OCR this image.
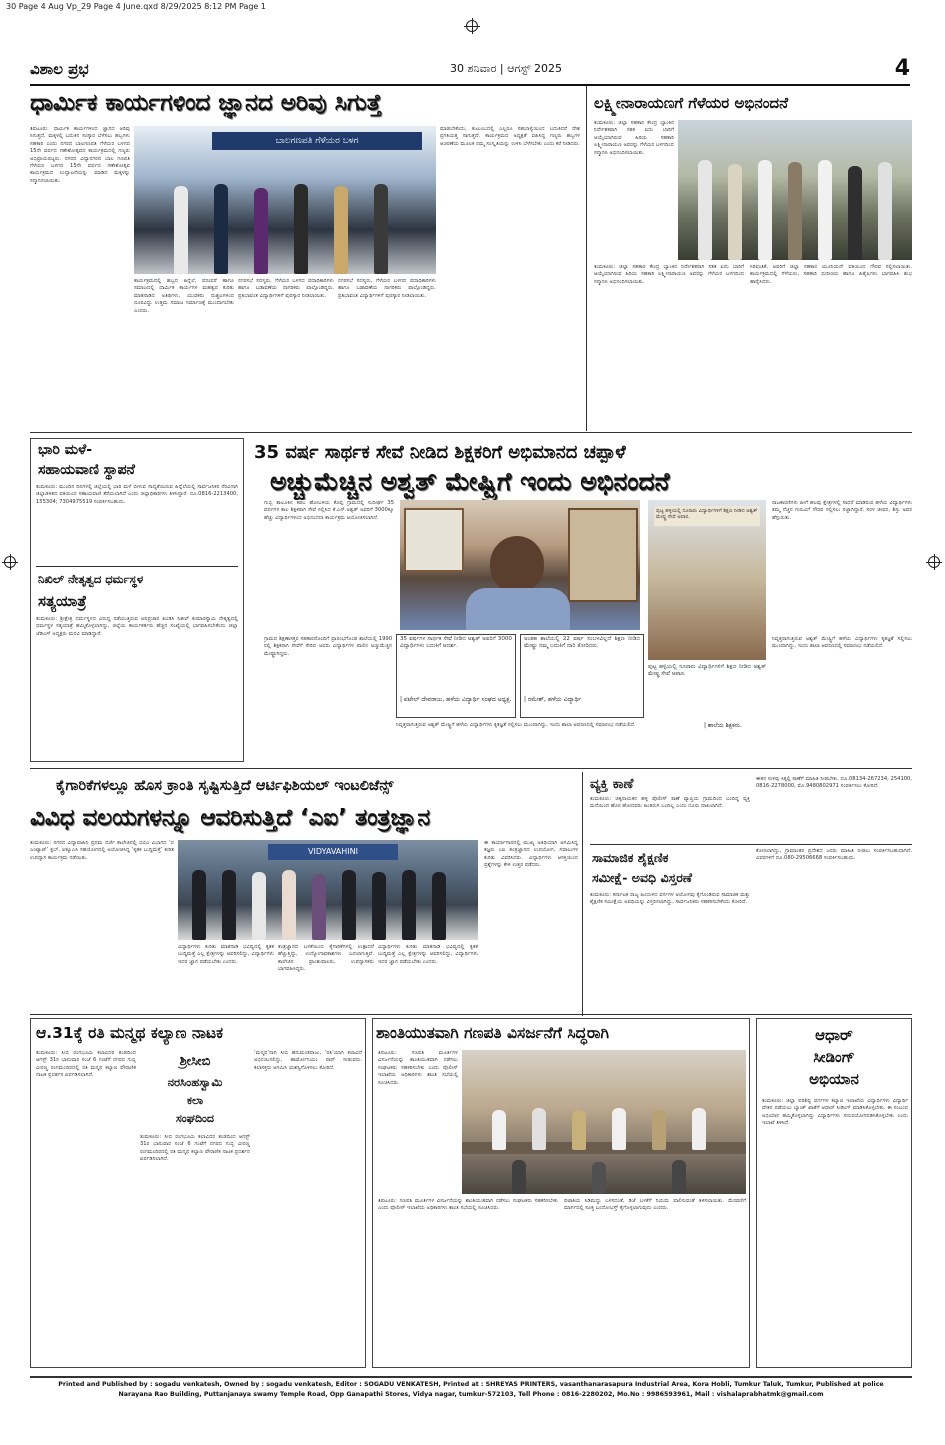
30 Page 4 Aug Vp_29 Page 4 June.qxd 8/29/2025 8:12 PM Page 1
ವಿಶಾಲ ಪ್ರಭ	30 ಶನಿವಾರ | ಆಗಸ್ಟ್ 2025	4
ಧಾರ್ಮಿಕ ಕಾರ್ಯಗಳಿಂದ ಜ್ಞಾನದ ಅರಿವು ಸಿಗುತ್ತೆ
ತಿಪಟೂರು: ಧಾರ್ಮಿಕ ಕಾರ್ಯಗಳಿಂದ ಜ್ಞಾನದ ಅರಿವು ಸಿಗುತ್ತದೆ, ಮಕ್ಕಳಲ್ಲಿ ಬದುಕಿನ ಸಂಸ್ಕಾರ ಬೆಳೆಸಲು ಹಬ್ಬಗಳು ಸಹಕಾರಿ ಎಂದು ನಗರದ ಬಾಲಗಣಪತಿ ಗೆಳೆಯರ ಬಳಗದ 15ನೇ ವರ್ಷದ ಗಣೇಶೋತ್ಸವದ ಕಾರ್ಯಕ್ರಮದಲ್ಲಿ ಗಣ್ಯರು ಅಭಿಪ್ರಾಯಪಟ್ಟರು. ನಗರದ ವಿದ್ಯಾನಗರದ ಬಾಲ ಗಣಪತಿ ಗೆಳೆಯರ ಬಳಗದ 15ನೇ ವರ್ಷದ ಗಣೇಶೋತ್ಸವ ಕಾರ್ಯಕ್ರಮದ ಉದ್ಘಾಟನೆಯನ್ನು ಮಾಡಿದ ಮಕ್ಕಳನ್ನು ಸನ್ಮಾನಿಸಲಾಯಿತು.
ಬಾಲಗಣಪತಿ ಗೆಳೆಯರ ಬಳಗ
ಕಾರ್ಯಕ್ರಮದಲ್ಲಿ ಹಬ್ಬದ ಹಿನ್ನೆಲೆ, ಪರಂಪರೆ ಹಾಗೂ ಸಮಾಜದಲ್ಲಿ ಧಾರ್ಮಿಕ ಕಾರ್ಯಗಳ ಮಹತ್ವದ ಕುರಿತು ಮಾತನಾಡಿದ ಅತಿಥಿಗಳು, ಯುವಕರು ದುಶ್ಚಟಗಳಿಂದ ದೂರವಿದ್ದು ಉತ್ತಮ ಸಮಾಜ ನಿರ್ಮಾಣಕ್ಕೆ ಮುಂದಾಗಬೇಕು ಎಂದರು.
ನಗರಸಭೆ ಸದಸ್ಯರು, ಗೆಳೆಯರ ಬಳಗದ ಪದಾಧಿಕಾರಿಗಳು ಹಾಗೂ ಬಡಾವಣೆಯ ನಾಗರಿಕರು ಪಾಲ್ಗೊಂಡಿದ್ದರು. ಪ್ರತಿಭಾವಂತ ವಿದ್ಯಾರ್ಥಿಗಳಿಗೆ ಪುರಸ್ಕಾರ ನೀಡಲಾಯಿತು.
ನಗರಸಭೆ ಸದಸ್ಯರು, ಗೆಳೆಯರ ಬಳಗದ ಪದಾಧಿಕಾರಿಗಳು ಹಾಗೂ ಬಡಾವಣೆಯ ನಾಗರಿಕರು ಪಾಲ್ಗೊಂಡಿದ್ದರು. ಪ್ರತಿಭಾವಂತ ವಿದ್ಯಾರ್ಥಿಗಳಿಗೆ ಪುರಸ್ಕಾರ ನೀಡಲಾಯಿತು.
ಮಾಡಬೇಕೆಂದು, ಕುಟುಂಬದಲ್ಲಿ ಎಲ್ಲರೂ ಸಹಬಾಳ್ವೆಯಿಂದ ಬದುಕಿದರೆ ದೇಶ ಪ್ರಗತಿಯತ್ತ ಸಾಗುತ್ತದೆ. ಕಾರ್ಯಕ್ರಮದ ಅಧ್ಯಕ್ಷತೆ ವಹಿಸಿದ್ದ ಗಣ್ಯರು ಹಬ್ಬಗಳ ಆಚರಣೆಯ ಮೂಲಕ ನಮ್ಮ ಸಂಸ್ಕೃತಿಯನ್ನು ಉಳಿಸಿ ಬೆಳೆಸಬೇಕು ಎಂದು ಕರೆ ನೀಡಿದರು.
ಲಕ್ಷ್ಮೀನಾರಾಯಣಗೆ ಗೆಳೆಯರ ಅಭಿನಂದನೆ
ತುಮಕೂರು: ಜಿಲ್ಲಾ ಸಹಕಾರ ಕೇಂದ್ರ ಬ್ಯಾಂಕಿನ ನಿರ್ದೇಶಕರಾಗಿ ಸತತ ಐದು ಬಾರಿಗೆ ಆಯ್ಕೆಯಾಗಿರುವ ಹಿರಿಯ ಸಹಕಾರಿ ಲಕ್ಷ್ಮೀನಾರಾಯಣ ಅವರನ್ನು ಗೆಳೆಯರ ಬಳಗದಿಂದ ಸನ್ಮಾನಿಸಿ ಅಭಿನಂದಿಸಲಾಯಿತು.
ತುಮಕೂರು: ಜಿಲ್ಲಾ ಸಹಕಾರ ಕೇಂದ್ರ ಬ್ಯಾಂಕಿನ ನಿರ್ದೇಶಕರಾಗಿ ಸತತ ಐದು ಬಾರಿಗೆ ಆಯ್ಕೆಯಾಗಿರುವ ಹಿರಿಯ ಸಹಕಾರಿ ಲಕ್ಷ್ಮೀನಾರಾಯಣ ಅವರನ್ನು ಗೆಳೆಯರ ಬಳಗದಿಂದ ಸನ್ಮಾನಿಸಿ ಅಭಿನಂದಿಸಲಾಯಿತು.
ಸಿರಿವಂತಿಕೆ, ಅವರಿಗೆ ಜಿಲ್ಲಾ ಸಹಕಾರ ಯೂನಿಯನ್ ವತಿಯಿಂದ ಗೌರವ ಸಲ್ಲಿಸಲಾಯಿತು. ಕಾರ್ಯಕ್ರಮದಲ್ಲಿ ಗೆಳೆಯರು, ಸಹಕಾರಿ ಧುರೀಣರು ಹಾಗೂ ಹಿತೈಷಿಗಳು ಭಾಗವಹಿಸಿ ಶುಭ ಹಾರೈಸಿದರು.
ಭಾರಿ ಮಳೆ-
ಸಹಾಯವಾಣಿ ಸ್ಥಾಪನೆ
ತುಮಕೂರು: ಮುಂದಿನ ದಿನಗಳಲ್ಲಿ ಜಿಲ್ಲೆಯಲ್ಲಿ ಭಾರಿ ಮಳೆ ಬೀಳುವ ಸಾಧ್ಯತೆಯಿರುವ ಹಿನ್ನೆಲೆಯಲ್ಲಿ ಸಾರ್ವಜನಿಕರ ನೆರವಿಗಾಗಿ ಜಿಲ್ಲಾಡಳಿತದ ವತಿಯಿಂದ ಸಹಾಯವಾಣಿ ತೆರೆಯಲಾಗಿದೆ ಎಂದು ಜಿಲ್ಲಾಧಿಕಾರಿಗಳು ತಿಳಿಸಿದ್ದಾರೆ. ದೂ.0816-2213400, 155304; 7304975519 ಸಂಪರ್ಕಿಸಬಹುದು.
ನಿಖಿಲ್ ನೇತೃತ್ವದ ಧರ್ಮಸ್ಥಳ
ಸತ್ಯಯಾತ್ರೆ
ತುಮಕೂರು: ಶ್ರೀಕ್ಷೇತ್ರ ಧರ್ಮಸ್ಥಳದ ವಿರುದ್ಧ ನಡೆಯುತ್ತಿರುವ ಅಪಪ್ರಚಾರ ಖಂಡಿಸಿ ನಿಖಿಲ್ ಕುಮಾರಸ್ವಾಮಿ ನೇತೃತ್ವದಲ್ಲಿ ಧರ್ಮಸ್ಥಳ ಸತ್ಯಯಾತ್ರೆ ಹಮ್ಮಿಕೊಳ್ಳಲಾಗಿದ್ದು, ಜಿಲ್ಲೆಯ ಕಾರ್ಯಕರ್ತರು ಹೆಚ್ಚಿನ ಸಂಖ್ಯೆಯಲ್ಲಿ ಭಾಗವಹಿಸಬೇಕೆಂದು ಜಿಲ್ಲಾ ಜೆಡಿಎಸ್ ಅಧ್ಯಕ್ಷರು ಮನವಿ ಮಾಡಿದ್ದಾರೆ.
35 ವರ್ಷ ಸಾರ್ಥಕ ಸೇವೆ ನೀಡಿದ ಶಿಕ್ಷಕರಿಗೆ ಅಭಿಮಾನದ ಚಪ್ಪಾಳೆ
ಅಚ್ಚುಮೆಚ್ಚಿನ ಅಶ್ವತ್ ಮೇಷ್ಟ್ರಿಗೆ ಇಂದು ಅಭಿನಂದನೆ
ಗುಬ್ಬಿ ತಾಲೂಕಿನ ಕಡಬ ಹೋಬಳಿಯ ಕೊಪ್ಪ ಗ್ರಾಮದಲ್ಲಿ ಸುದೀರ್ಘ 35 ವರ್ಷಗಳ ಕಾಲ ಶಿಕ್ಷಕರಾಗಿ ಸೇವೆ ಸಲ್ಲಿಸಿದ ಕೆ.ಎನ್.ಅಶ್ವತ್ ಅವರಿಗೆ 3000ಕ್ಕೂ ಹೆಚ್ಚು ವಿದ್ಯಾರ್ಥಿಗಳಿಂದ ಅಭಿನಂದನಾ ಕಾರ್ಯಕ್ರಮ ಆಯೋಜಿಸಲಾಗಿದೆ.
ಪುಟ್ಟ ಹಳ್ಳಿಯಲ್ಲಿ ನೂರಾರು ವಿದ್ಯಾರ್ಥಿಗಳಿಗೆ ಶಿಕ್ಷಣ ನೀಡಿದ ಅಶ್ವತ್ ಮೇಷ್ಟ್ರ ಸೇವೆ ಅಪಾರ.
ರಾಜಕಾರಣಿಗಳು ಹೀಗೆ ಹಲವು ಕ್ಷೇತ್ರಗಳಲ್ಲಿ ಸಾಧನೆ ಮಾಡಿರುವ ಹಳೆಯ ವಿದ್ಯಾರ್ಥಿಗಳು ತಮ್ಮ ನೆಚ್ಚಿನ ಗುರುವಿಗೆ ಗೌರವ ಸಲ್ಲಿಸಲು ಸಜ್ಜಾಗಿದ್ದಾರೆ. ಸರಳ ಜೀವನ, ಶಿಸ್ತು ಅವರ ಹೆಗ್ಗುರುತು.
ಪುಟ್ಟ ಹಳ್ಳಿಯಲ್ಲಿ ನೂರಾರು ವಿದ್ಯಾರ್ಥಿಗಳಿಗೆ ಶಿಕ್ಷಣ ನೀಡಿದ ಅಶ್ವತ್ ಮೇಷ್ಟ್ರ ಸೇವೆ ಅಪಾರ.
| ಶಾಲೆಯ ಶಿಕ್ಷಕರು.
35 ವರ್ಷಗಳ ಸಾರ್ಥಕ ಸೇವೆ ನೀಡಿದ ಅಶ್ವತ್ ಅವರಿಗೆ 3000 ವಿದ್ಯಾರ್ಥಿಗಳು ಬದುಕಿಗೆ ಆದರ್ಶ.
| ಪಟೇಲ್ ದೇವರಾಜು, ಹಳೆಯ ವಿದ್ಯಾರ್ಥಿ ಸಂಘದ ಅಧ್ಯಕ್ಷ.
ಅಂತಹ ಶಾಲೆಯಲ್ಲಿ 22 ವರ್ಷ ಸಂಬಳವಿಲ್ಲದೆ ಶಿಕ್ಷಣ ನೀಡಿದ ಮೇಷ್ಟ್ರು ನಮ್ಮ ಬದುಕಿಗೆ ದಾರಿ ತೋರಿದರು.
| ರಮೇಶ್, ಹಳೆಯ ವಿದ್ಯಾರ್ಥಿ
ಗ್ರಾಮದ ಶಿಕ್ಷಣಾಸಕ್ತರ ಸಹಕಾರದೊಂದಿಗೆ ಪ್ರಾರಂಭಗೊಂಡ ಶಾಲೆಯಲ್ಲಿ 1990 ರಲ್ಲಿ ಶಿಕ್ಷಕರಾಗಿ ಸೇವೆಗೆ ಸೇರಿದ ಅವರು ವಿದ್ಯಾರ್ಥಿಗಳ ಪಾಲಿನ ಅಚ್ಚುಮೆಚ್ಚಿನ ಮೇಷ್ಟ್ರಾಗಿದ್ದರು.
ನಿವೃತ್ತರಾಗುತ್ತಿರುವ ಅಶ್ವತ್ ಮೇಷ್ಟ್ರಿಗೆ ಹಳೆಯ ವಿದ್ಯಾರ್ಥಿಗಳು ಕೃತಜ್ಞತೆ ಸಲ್ಲಿಸಲು ಮುಂದಾಗಿದ್ದು, ಇಂದು ಶಾಲಾ ಆವರಣದಲ್ಲಿ ಸಮಾರಂಭ ನಡೆಯಲಿದೆ.
ನಿವೃತ್ತರಾಗುತ್ತಿರುವ ಅಶ್ವತ್ ಮೇಷ್ಟ್ರಿಗೆ ಹಳೆಯ ವಿದ್ಯಾರ್ಥಿಗಳು ಕೃತಜ್ಞತೆ ಸಲ್ಲಿಸಲು ಮುಂದಾಗಿದ್ದು, ಇಂದು ಶಾಲಾ ಆವರಣದಲ್ಲಿ ಸಮಾರಂಭ ನಡೆಯಲಿದೆ.
ಕೈಗಾರಿಕೆಗಳಲ್ಲೂ ಹೊಸ ಕ್ರಾಂತಿ ಸೃಷ್ಟಿಸುತ್ತಿದೆ ಆರ್ಟಿಫಿಶಿಯಲ್ ಇಂಟಲಿಜೆನ್ಸ್
ವಿವಿಧ ವಲಯಗಳನ್ನೂ ಆವರಿಸುತ್ತಿದೆ ‘ಎಐ’ ತಂತ್ರಜ್ಞಾನ
ತುಮಕೂರು: ನಗರದ ವಿದ್ಯಾವಾಹಿನಿ ಪ್ರಥಮ ದರ್ಜೆ ಕಾಲೇಜಿನಲ್ಲಿ ಬಿಬಿಎ ವಿಭಾಗದ ‘ದ ಎಂಟ್ಯಾಟ್’ ಕ್ಲಬ್, ಐಕ್ಯೂಎಸಿ ಸಹಯೋಗದಲ್ಲಿ ಆಯೋಜಿಸಿದ್ದ ‘ಕೃತಕ ಬುದ್ಧಿಮತ್ತೆ’ ಕುರಿತ ಉಪನ್ಯಾಸ ಕಾರ್ಯಕ್ರಮ ನಡೆಯಿತು.
VIDYAVAHINI
ವಿದ್ಯಾರ್ಥಿಗಳು ಕುರಿತು ಮಾತನಾಡಿ ಭವಿಷ್ಯದಲ್ಲಿ ಕೃತಕ ಬುದ್ಧಿಮತ್ತೆ ಎಲ್ಲ ಕ್ಷೇತ್ರಗಳನ್ನು ಆವರಿಸಲಿದ್ದು, ವಿದ್ಯಾರ್ಥಿಗಳು ಇದರ ಜ್ಞಾನ ಪಡೆಯಬೇಕು ಎಂದರು.
ತಂತ್ರಜ್ಞಾನದ ಬಳಕೆಯಿಂದ ಕೈಗಾರಿಕೆಗಳಲ್ಲಿ ಉತ್ಪಾದನೆ ಹೆಚ್ಚುತ್ತಿದ್ದು, ಉದ್ಯೋಗಾವಕಾಶಗಳು ಬದಲಾಗುತ್ತಿವೆ. ಕಾಲೇಜಿನ ಪ್ರಾಂಶುಪಾಲರು, ಉಪನ್ಯಾಸಕರು ಭಾಗವಹಿಸಿದ್ದರು.
ವಿದ್ಯಾರ್ಥಿಗಳು ಕುರಿತು ಮಾತನಾಡಿ ಭವಿಷ್ಯದಲ್ಲಿ ಕೃತಕ ಬುದ್ಧಿಮತ್ತೆ ಎಲ್ಲ ಕ್ಷೇತ್ರಗಳನ್ನು ಆವರಿಸಲಿದ್ದು, ವಿದ್ಯಾರ್ಥಿಗಳು ಇದರ ಜ್ಞಾನ ಪಡೆಯಬೇಕು ಎಂದರು.
ಈ ಕಾರ್ಯಾಗಾರದಲ್ಲಿ ಮುಖ್ಯ ಅತಿಥಿಯಾಗಿ ಆಗಮಿಸಿದ್ದ ತಜ್ಞರು ಎಐ ತಂತ್ರಜ್ಞಾನದ ಉಪಯೋಗ, ಸವಾಲುಗಳ ಕುರಿತು ವಿವರಿಸಿದರು. ವಿದ್ಯಾರ್ಥಿಗಳು ಆಸಕ್ತಿಯಿಂದ ಪ್ರಶ್ನೆಗಳನ್ನು ಕೇಳಿ ಉತ್ತರ ಪಡೆದರು.
ವ್ಯಕ್ತಿ ಕಾಣೆ
ತುಮಕೂರು: ಚಿಕ್ಕನಾಯಕನ ಹಳ್ಳಿ ಪೊಲೀಸ್ ಠಾಣೆ ವ್ಯಾಪ್ತಿಯ ಗ್ರಾಮದಿಂದ ಬಂದಿದ್ದ ವ್ಯಕ್ತಿ ಮನೆಯಿಂದ ಹೊರ ಹೋದವರು ಹಿಂತಿರುಗಿ ಬಂದಿಲ್ಲ ಎಂದು ದೂರು ದಾಖಲಾಗಿದೆ.
ಈತನ ಸುಳಿವು ಸಿಕ್ಕಲ್ಲಿ ಠಾಣೆಗೆ ಮಾಹಿತಿ ನೀಡಬೇಕು. ದೂ.08134-267234, 254100, 0816-2278000, ಮೊ.9480802971 ಸಂಪರ್ಕಿಸಲು ಕೋರಿದೆ.
ಸಾಮಾಜಿಕ ಶೈಕ್ಷಣಿಕ
ಸಮೀಕ್ಷೆ- ಅವಧಿ ವಿಸ್ತರಣೆ
ತುಮಕೂರು: ಕರ್ನಾಟಕ ರಾಜ್ಯ ಹಿಂದುಳಿದ ವರ್ಗಗಳ ಆಯೋಗವು ಕೈಗೊಂಡಿರುವ ಸಾಮಾಜಿಕ ಮತ್ತು ಶೈಕ್ಷಣಿಕ ಸಮೀಕ್ಷೆಯ ಅವಧಿಯನ್ನು ವಿಸ್ತರಿಸಲಾಗಿದ್ದು, ಸಾರ್ವಜನಿಕರು ಸಹಕರಿಸಬೇಕೆಂದು ಕೋರಿದೆ.
ಕೋರಲಾಗಿದ್ದು, ಗ್ರಾಮಾಂತರ ಪ್ರದೇಶದ ಜನರು ಮಾಹಿತಿ ನೀಡಲು ಸಂಪರ್ಕಿಸಬಹುದಾಗಿದೆ. ವಿವರಗಳಿಗೆ ದೂ.080-29506668 ಸಂಪರ್ಕಿಸಬಹುದು.
ಆ.31ಕ್ಕೆ ರತಿ ಮನ್ಮಥ ಕಲ್ಯಾಣ ನಾಟಕ
ತುಮಕೂರು: ಸೀಬಿ ರಂಗಭೂಮಿ ಕಲಾವಿದರ ತಂಡದಿಂದ ಆಗಸ್ಟ್ 31ರ ಭಾನುವಾರ ಸಂಜೆ 6 ಗಂಟೆಗೆ ನಗರದ ಗುಬ್ಬಿ ವೀರಣ್ಣ ರಂಗಮಂದಿರದಲ್ಲಿ ರತಿ ಮನ್ಮಥ ಕಲ್ಯಾಣ ಪೌರಾಣಿಕ ನಾಟಕ ಪ್ರದರ್ಶನ ಏರ್ಪಡಿಸಲಾಗಿದೆ.
ಶ್ರೀಸೀಬಿ
ನರಸಿಂಹಸ್ವಾಮಿ
ಕಲಾ
ಸಂಘದಿಂದ
ತುಮಕೂರು: ಸೀಬಿ ರಂಗಭೂಮಿ ಕಲಾವಿದರ ತಂಡದಿಂದ ಆಗಸ್ಟ್ 31ರ ಭಾನುವಾರ ಸಂಜೆ 6 ಗಂಟೆಗೆ ನಗರದ ಗುಬ್ಬಿ ವೀರಣ್ಣ ರಂಗಮಂದಿರದಲ್ಲಿ ರತಿ ಮನ್ಮಥ ಕಲ್ಯಾಣ ಪೌರಾಣಿಕ ನಾಟಕ ಪ್ರದರ್ಶನ ಏರ್ಪಡಿಸಲಾಗಿದೆ.
‘ಮನ್ಮಥ’ನಾಗಿ ಸೀಬಿ ಹನುಮಂತರಾಜು, ‘ರತಿ’ಯಾಗಿ ಕಲಾವಿದೆ ಅಭಿನಯಿಸಲಿದ್ದು, ಹಾರ್ಮೋನಿಯಂ ಸಾಥ್ ನೀಡುವರು. ಕಲಾಸಕ್ತರು ಆಗಮಿಸಿ ಯಶಸ್ವಿಗೊಳಿಸಲು ಕೋರಿದೆ.
ಶಾಂತಿಯುತವಾಗಿ ಗಣಪತಿ ವಿಸರ್ಜನೆಗೆ ಸಿದ್ಧರಾಗಿ
ತಿಪಟೂರು: ಗಣಪತಿ ಮೂರ್ತಿಗಳ ವಿಸರ್ಜನೆಯನ್ನು ಶಾಂತಿಯುತವಾಗಿ ನಡೆಸಲು ಸಂಘಟಕರು ಸಹಕರಿಸಬೇಕು ಎಂದು ಪೊಲೀಸ್ ಇಲಾಖೆಯ ಅಧಿಕಾರಿಗಳು ಶಾಂತಿ ಸಭೆಯಲ್ಲಿ ಸೂಚಿಸಿದರು.
ತಿಪಟೂರು: ಗಣಪತಿ ಮೂರ್ತಿಗಳ ವಿಸರ್ಜನೆಯನ್ನು ಶಾಂತಿಯುತವಾಗಿ ನಡೆಸಲು ಸಂಘಟಕರು ಸಹಕರಿಸಬೇಕು ಎಂದು ಪೊಲೀಸ್ ಇಲಾಖೆಯ ಅಧಿಕಾರಿಗಳು ಶಾಂತಿ ಸಭೆಯಲ್ಲಿ ಸೂಚಿಸಿದರು.
ಪಟಾಕಿಯ ಸಿಡಿಮದ್ದು ಬಳಸದಂತೆ, ಡಿಜೆ ಬಳಕೆಗೆ ನಿಯಮ ಪಾಲಿಸುವಂತೆ ತಿಳಿಸಲಾಯಿತು. ಮೆರವಣಿಗೆ ಮಾರ್ಗದಲ್ಲಿ ಸೂಕ್ತ ಬಂದೋಬಸ್ತ್ ಕೈಗೊಳ್ಳಲಾಗುವುದು ಎಂದರು.
ಆಧಾರ್
ಸೀಡಿಂಗ್
ಅಭಿಯಾನ
ತುಮಕೂರು: ಜಿಲ್ಲಾ ಪರಿಶಿಷ್ಟ ವರ್ಗಗಳ ಕಲ್ಯಾಣ ಇಲಾಖೆಯ ವಿದ್ಯಾರ್ಥಿಗಳು ವಿದ್ಯಾರ್ಥಿ ವೇತನ ಪಡೆಯಲು ಬ್ಯಾಂಕ್ ಖಾತೆಗೆ ಆಧಾರ್ ಸೀಡಿಂಗ್ ಮಾಡಿಸಿಕೊಳ್ಳಬೇಕು. ಈ ಸಂಬಂಧ ಅಭಿಯಾನ ಹಮ್ಮಿಕೊಳ್ಳಲಾಗಿದ್ದು ವಿದ್ಯಾರ್ಥಿಗಳು ಸದುಪಯೋಗಪಡಿಸಿಕೊಳ್ಳಬೇಕು ಎಂದು ಇಲಾಖೆ ತಿಳಿಸಿದೆ.
Printed and Published by : sogadu venkatesh, Owned by : sogadu venkatesh, Editor : SOGADU VENKATESH, Printed at : SHREYAS PRINTERS, vasanthanarasapura Industrial Area, Kora Hobli, Tumkur Taluk, Tumkur, Published at police
Narayana Rao Building, Puttanjanaya swamy Temple Road, Opp Ganapathi Stores, Vidya nagar, tumkur-572103, Tell Phone : 0816-2280202, Mo.No : 9986593961, Mail : vishalaprabhatmk@gmail.com
